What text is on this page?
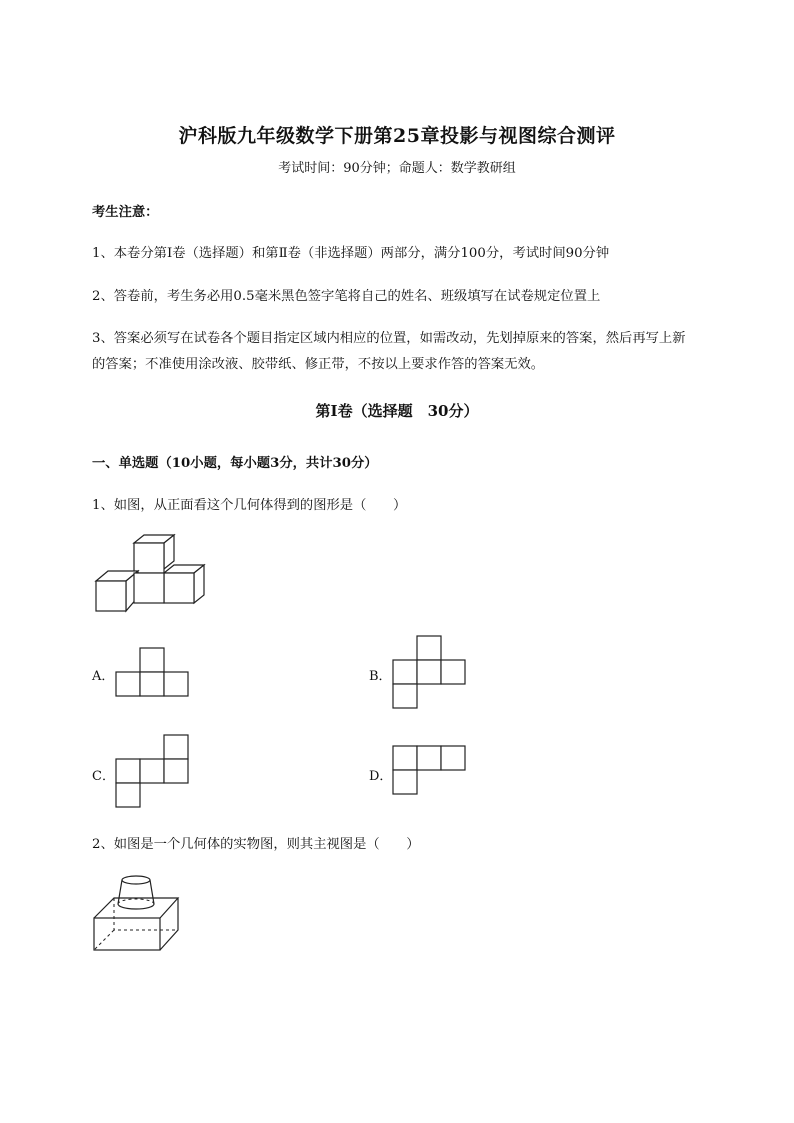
沪科版九年级数学下册第25章投影与视图综合测评
考试时间：90分钟；命题人：数学教研组
考生注意：
1、本卷分第I卷（选择题）和第Ⅱ卷（非选择题）两部分，满分100分，考试时间90分钟
2、答卷前，考生务必用0.5毫米黑色签字笔将自己的姓名、班级填写在试卷规定位置上
3、答案必须写在试卷各个题目指定区域内相应的位置，如需改动，先划掉原来的答案，然后再写上新
的答案；不准使用涂改液、胶带纸、修正带，不按以上要求作答的答案无效。
第I卷（选择题　30分）
一、单选题（10小题，每小题3分，共计30分）
1、如图，从正面看这个几何体得到的图形是（　　）
A．	B．
C．	D．
2、如图是一个几何体的实物图，则其主视图是（　　）
